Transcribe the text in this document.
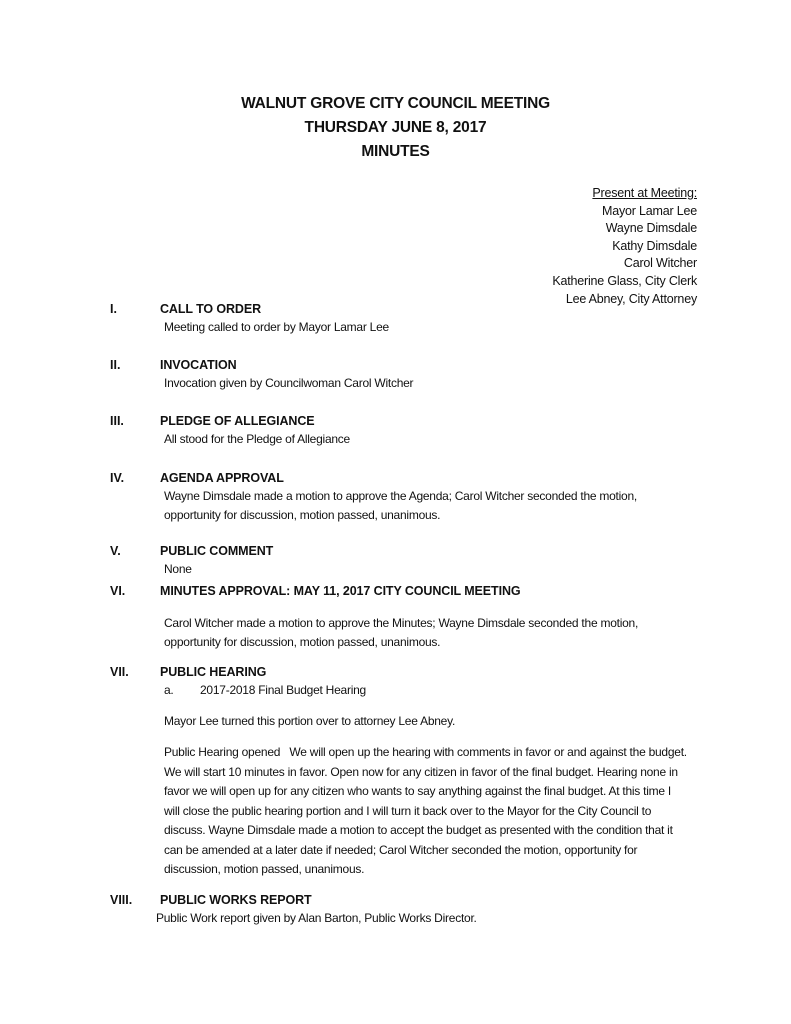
WALNUT GROVE CITY COUNCIL MEETING
THURSDAY JUNE 8, 2017
MINUTES
Present at Meeting:
Mayor Lamar Lee
Wayne Dimsdale
Kathy Dimsdale
Carol Witcher
Katherine Glass, City Clerk
Lee Abney, City Attorney
I.	CALL TO ORDER
Meeting called to order by Mayor Lamar Lee
II.	INVOCATION
Invocation given by Councilwoman Carol Witcher
III.	PLEDGE OF ALLEGIANCE
All stood for the Pledge of Allegiance
IV.	AGENDA APPROVAL
Wayne Dimsdale made a motion to approve the Agenda; Carol Witcher seconded the motion,
opportunity for discussion, motion passed, unanimous.
V.	PUBLIC COMMENT
None
VI.	MINUTES APPROVAL: MAY 11, 2017 CITY COUNCIL MEETING
Carol Witcher made a motion to approve the Minutes; Wayne Dimsdale seconded the motion,
opportunity for discussion, motion passed, unanimous.
VII. PUBLIC HEARING
a. 2017-2018 Final Budget Hearing
Mayor Lee turned this portion over to attorney Lee Abney.
Public Hearing opened   We will open up the hearing with comments in favor or and against the budget.
We will start 10 minutes in favor. Open now for any citizen in favor of the final budget. Hearing none in
favor we will open up for any citizen who wants to say anything against the final budget. At this time I
will close the public hearing portion and I will turn it back over to the Mayor for the City Council to
discuss. Wayne Dimsdale made a motion to accept the budget as presented with the condition that it
can be amended at a later date if needed; Carol Witcher seconded the motion, opportunity for
discussion, motion passed, unanimous.
VIII. PUBLIC WORKS REPORT
Public Work report given by Alan Barton, Public Works Director.
